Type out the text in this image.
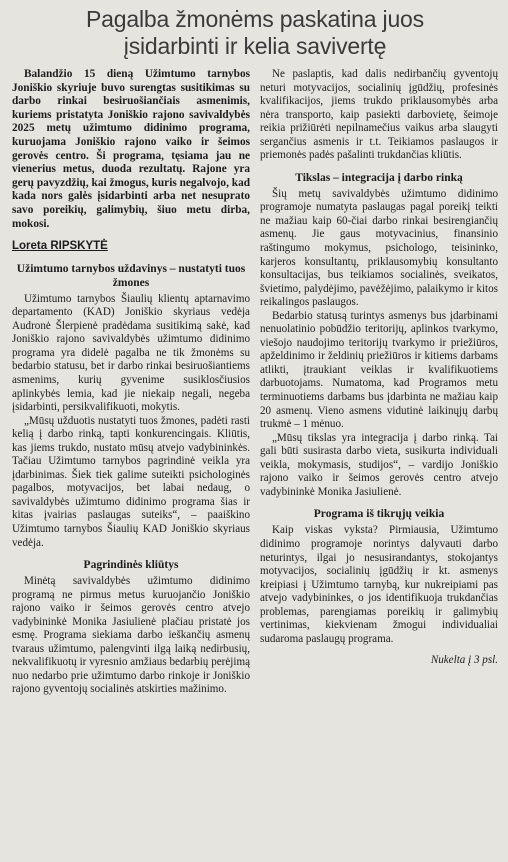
Pagalba žmonėms paskatina juos
įsidarbinti ir kelia savivertę

Balandžio 15 dieną Užimtumo tarnybos Joniškio skyriuje buvo surengtas susitikimas su darbo rinkai besiruošiančiais asmenimis, kuriems pristatyta Joniškio rajono savivaldybės 2025 metų užimtumo didinimo programa, kuruojama Joniškio rajono vaiko ir šeimos gerovės centro. Ši programa, tęsiama jau ne vienerius metus, duoda rezultatų. Rajone yra gerų pavyzdžių, kai žmogus, kuris negalvojo, kad kada nors galės įsidarbinti arba net nesuprato savo poreikių, galimybių, šiuo metu dirba, mokosi.

Loreta RIPSKYTĖ
Užimtumo tarnybos uždavinys – nustatyti tuos žmones

Užimtumo tarnybos Šiaulių klientų aptarnavimo departamento (KAD) Joniškio skyriaus vedėja Audronė Šlerpienė pradėdama susitikimą sakė, kad Joniškio rajono savivaldybės užimtumo didinimo programa yra didelė pagalba ne tik žmonėms su bedarbio statusu, bet ir darbo rinkai besiruošiantiems asmenims, kurių gyvenime susiklosčiusios aplinkybės lemia, kad jie niekaip negali, negeba įsidarbinti, persikvalifikuoti, mokytis.

„Mūsų užduotis nustatyti tuos žmones, padėti rasti kelią į darbo rinką, tapti konkurencingais. Kliūtis, kas jiems trukdo, nustato mūsų atvejo vadybininkės. Tačiau Užimtumo tarnybos pagrindinė veikla yra įdarbinimas. Šiek tiek galime suteikti psichologinės pagalbos, motyvacijos, bet labai nedaug, o savivaldybės užimtumo didinimo programa šias ir kitas įvairias paslaugas suteiks“, – paaiškino Užimtumo tarnybos Šiaulių KAD Joniškio skyriaus vedėja.

Pagrindinės kliūtys

Minėtą savivaldybės užimtumo didinimo programą ne pirmus metus kuruojančio Joniškio rajono vaiko ir šeimos gerovės centro atvejo vadybininkė Monika Jasiulienė plačiau pristatė jos esmę. Programa siekiama darbo ieškančių asmenų tvarаus užimtumo, palengvinti ilgą laiką nedirbusių, nekvalifikuotų ir vyresnio amžiaus bedarbių perėjimą nuo nedarbo prie užimtumo darbo rinkoje ir Joniškio rajono gyventojų socialinės atskirties mažinimo.

Ne paslaptis, kad dalis nedirbančių gyventojų neturi motyvacijos, socialinių įgūdžių, profesinės kvalifikacijos, jiems trukdo priklausomybės arba nėra transporto, kaip pasiekti darbovietę, šeimoje reikia prižiūrėti nepilnamečius vaikus arba slaugyti sergančius asmenis ir t.t. Teikiamos paslaugos ir priemonės padės pašalinti trukdančias kliūtis.

Tikslas – integracija į darbo rinką

Šių metų savivaldybės užimtumo didinimo programoje numatyta paslaugas pagal poreikį teikti ne mažiau kaip 60-čiai darbo rinkai besirengiančių asmenų. Jie gaus motyvacinius, finansinio raštingumo mokymus, psichologo, teisininko, karjeros konsultantų, priklausomybių konsultanto konsultacijas, bus teikiamos socialinės, sveikatos, švietimo, palydėjimo, pavėžėjimo, palaikymo ir kitos reikalingos paslaugos.

Bedarbio statusą turintys asmenys bus įdarbinami nenuolatinio pobūdžio teritorijų, aplinkos tvarkymo, viešojo naudojimo teritorijų tvarkymo ir priežiūros, apželdinimo ir želdinių priežiūros ir kitiems darbams atlikti, įtraukiant veiklas ir kvalifikuotiems darbuotojams. Numatoma, kad Programos metu terminuotiems darbams bus įdarbinta ne mažiau kaip 20 asmenų. Vieno asmens vidutinė laikinųjų darbų trukmė – 1 mėnuo.

„Mūsų tikslas yra integracija į darbo rinką. Tai gali būti susirasta darbo vieta, susikurta individuali veikla, mokymasis, studijos“, – vardijo Joniškio rajono vaiko ir šeimos gerovės centro atvejo vadybininkė Monika Jasiulienė.

Programa iš tikrųjų veikia

Kaip viskas vyksta? Pirmiausia, Užimtumo didinimo programoje norintys dalyvauti darbo neturintys, ilgai jo nesusirandantys, stokojantys motyvacijos, socialinių įgūdžių ir kt. asmenys kreipiasi į Užimtumo tarnybą, kur nukreipiami pas atvejo vadybininkes, o jos identifikuoja trukdančias problemas, parengiamas poreikių ir galimybių vertinimas, kiekvienam žmogui individualiai sudaroma paslaugų programa.

Nukelta į 3 psl.
